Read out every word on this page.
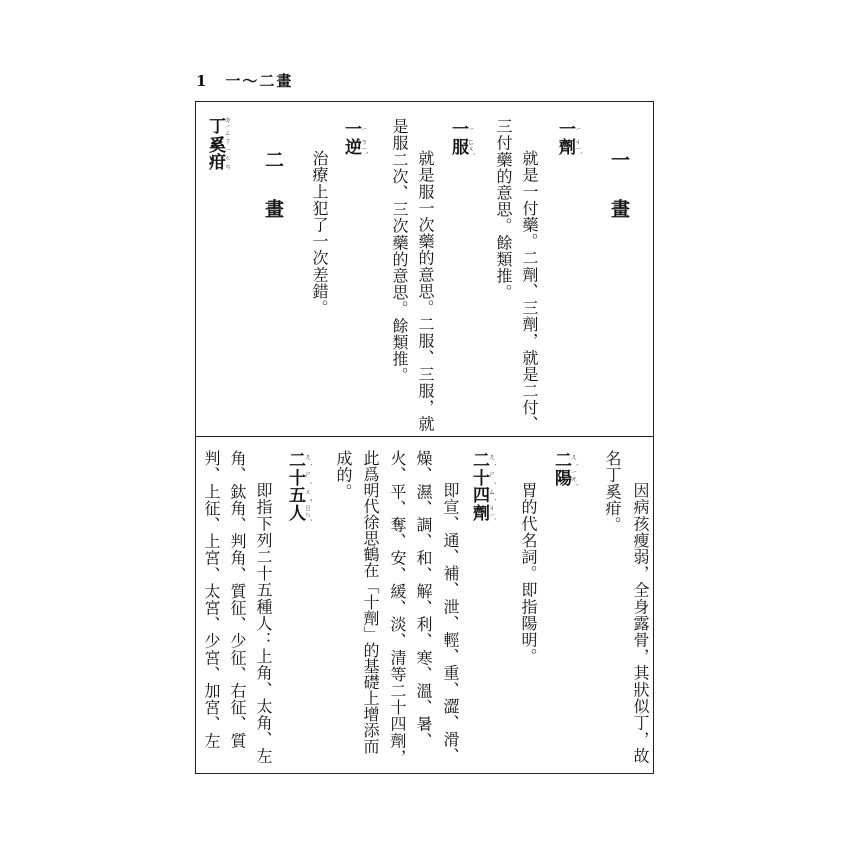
1　一～二畫
一畫
一 ㄧ劑 ㄐㄧˋ
就是一付藥。二劑、三劑，就是二付、
三付藥的意思。餘類推。
一 ㄧ服 ㄈㄨˊ
就是服一次藥的意思。二服、三服，就
是服二次、三次藥的意思。餘類推。
一 ㄧ逆 ㄋㄧˋ
治療上犯了一次差錯。
二畫
丁 ㄉㄧㄥ奚 ㄒㄧ疳 ㄍㄢ
因病孩瘦弱，全身露骨，其狀似丁，故
名丁奚疳。
二 ㄦˋ陽 ㄧㄤˊ
胃的代名詞。即指陽明。
二 ㄦˋ十 ㄕˊ四 ㄙˋ劑 ㄐㄧˋ
即宣、通、補、泄、輕、重、澀、滑、
燥、濕、調、和、解、利、寒、溫、暑、
火、平、奪、安、緩、淡、清等二十四劑，
此爲明代徐思鶴在「十劑」的基礎上增添而
成的。
二 ㄦˋ十 ㄕˊ五 ㄨˇ人 ㄖㄣˊ
即指下列二十五種人：上角、太角、左
角、鈦角、判角、質征、少征、右征、質
判、上征、上宮、太宮、少宮、加宮、左
